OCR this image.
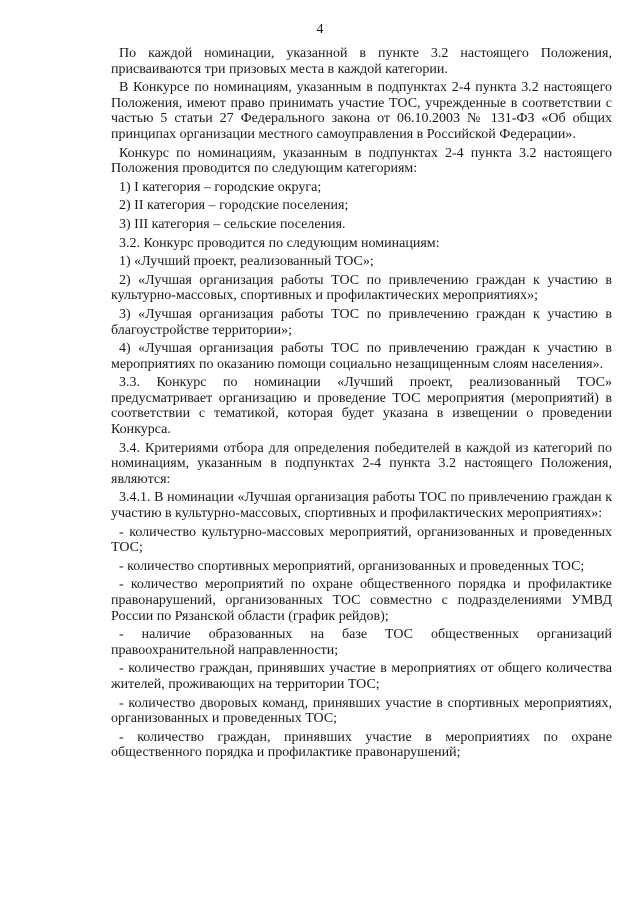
4

По каждой номинации, указанной в пункте 3.2 настоящего Положения, присваиваются три призовых места в каждой категории.

В Конкурсе по номинациям, указанным в подпунктах 2-4 пункта 3.2 настоящего Положения, имеют право принимать участие ТОС, учрежденные в соответствии с частью 5 статьи 27 Федерального закона от 06.10.2003 № 131-ФЗ «Об общих принципах организации местного самоуправления в Российской Федерации».

Конкурс по номинациям, указанным в подпунктах 2-4 пункта 3.2 настоящего Положения проводится по следующим категориям:

1) I категория – городские округа;

2) II категория – городские поселения;

3) III категория – сельские поселения.

3.2. Конкурс проводится по следующим номинациям:

1) «Лучший проект, реализованный ТОС»;

2) «Лучшая организация работы ТОС по привлечению граждан к участию в культурно-массовых, спортивных и профилактических мероприятиях»;

3) «Лучшая организация работы ТОС по привлечению граждан к участию в благоустройстве территории»;

4) «Лучшая организация работы ТОС по привлечению граждан к участию в мероприятиях по оказанию помощи социально незащищенным слоям населения».

3.3. Конкурс по номинации «Лучший проект, реализованный ТОС» предусматривает организацию и проведение ТОС мероприятия (мероприятий) в соответствии с тематикой, которая будет указана в извещении о проведении Конкурса.

3.4. Критериями отбора для определения победителей в каждой из категорий по номинациям, указанным в подпунктах 2-4 пункта 3.2 настоящего Положения, являются:

3.4.1. В номинации «Лучшая организация работы ТОС по привлечению граждан к участию в культурно-массовых, спортивных и профилактических мероприятиях»:

- количество культурно-массовых мероприятий, организованных и проведенных ТОС;

- количество спортивных мероприятий, организованных и проведенных ТОС;

- количество мероприятий по охране общественного порядка и профилактике правонарушений, организованных ТОС совместно с подразделениями УМВД России по Рязанской области (график рейдов);

- наличие образованных на базе ТОС общественных организаций правоохранительной направленности;

- количество граждан, принявших участие в мероприятиях от общего количества жителей, проживающих на территории ТОС;

- количество дворовых команд, принявших участие в спортивных мероприятиях, организованных и проведенных ТОС;

- количество граждан, принявших участие в мероприятиях по охране общественного порядка и профилактике правонарушений;
